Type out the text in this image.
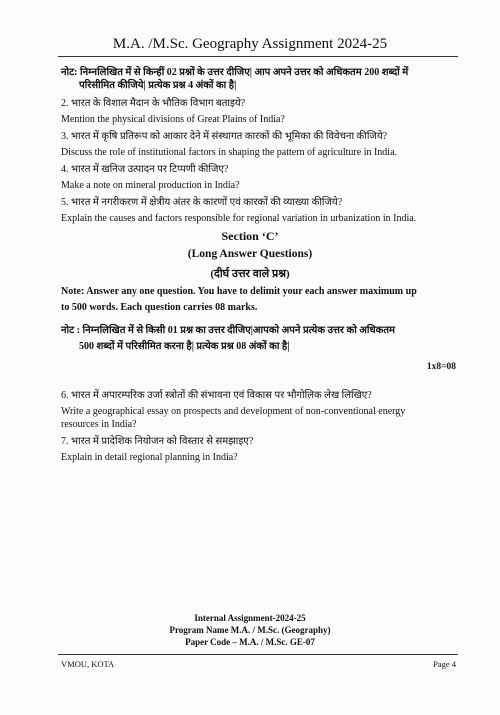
M.A. /M.Sc. Geography Assignment 2024-25
नोट: निम्नलिखित में से किन्हीं 02 प्रश्नों के उत्तर दीजिए| आप अपने उत्तर को अधिकतम 200 शब्दों में
परिसीमित कीजिये| प्रत्येक प्रश्न 4 अंकों का है|
2. भारत के विशाल मैदान के भौतिक विभाग बताइये?
Mention the physical divisions of Great Plains of India?
3. भारत में कृषि प्रतिरूप को आकार देने में संस्थागत कारकों की भूमिका की विवेचना कीजिये?
Discuss the role of institutional factors in shaping the pattern of agriculture in India.
4. भारत में खनिज उत्पादन पर टिप्पणी कीजिए?
Make a note on mineral production in India?
5. भारत में नगरीकरण में क्षेत्रीय अंतर के कारणों एवं कारकों की व्याख्या कीजिये?
Explain the causes and factors responsible for regional variation in urbanization in India.
Section ‘C’
(Long Answer Questions)
(दीर्घ उत्तर वाले प्रश्न)
Note: Answer any one question. You have to delimit your each answer maximum up
to 500 words. Each question carries 08 marks.
नोट : निम्नलिखित में से किसी 01 प्रश्न का उत्तर दीजिए|आपको अपने प्रत्येक उत्तर को अधिकतम
500 शब्दों में परिसीमित करना है| प्रत्येक प्रश्न 08 अंकों का है|
1x8=08
6. भारत में अपारम्परिक उर्जा स्त्रोतों की संभावना एवं विकास पर भौगोलिक लेख लिखिए?
Write a geographical essay on prospects and development of non-conventional energy
resources in India?
7. भारत में प्रादेशिक नियोजन को विस्तार से समझाइए?
Explain in detail regional planning in India?
Internal Assignment-2024-25
Program Name M.A. / M.Sc. (Geography)
Paper Code – M.A. / M.Sc. GE-07
VMOU, KOTA	Page 4
